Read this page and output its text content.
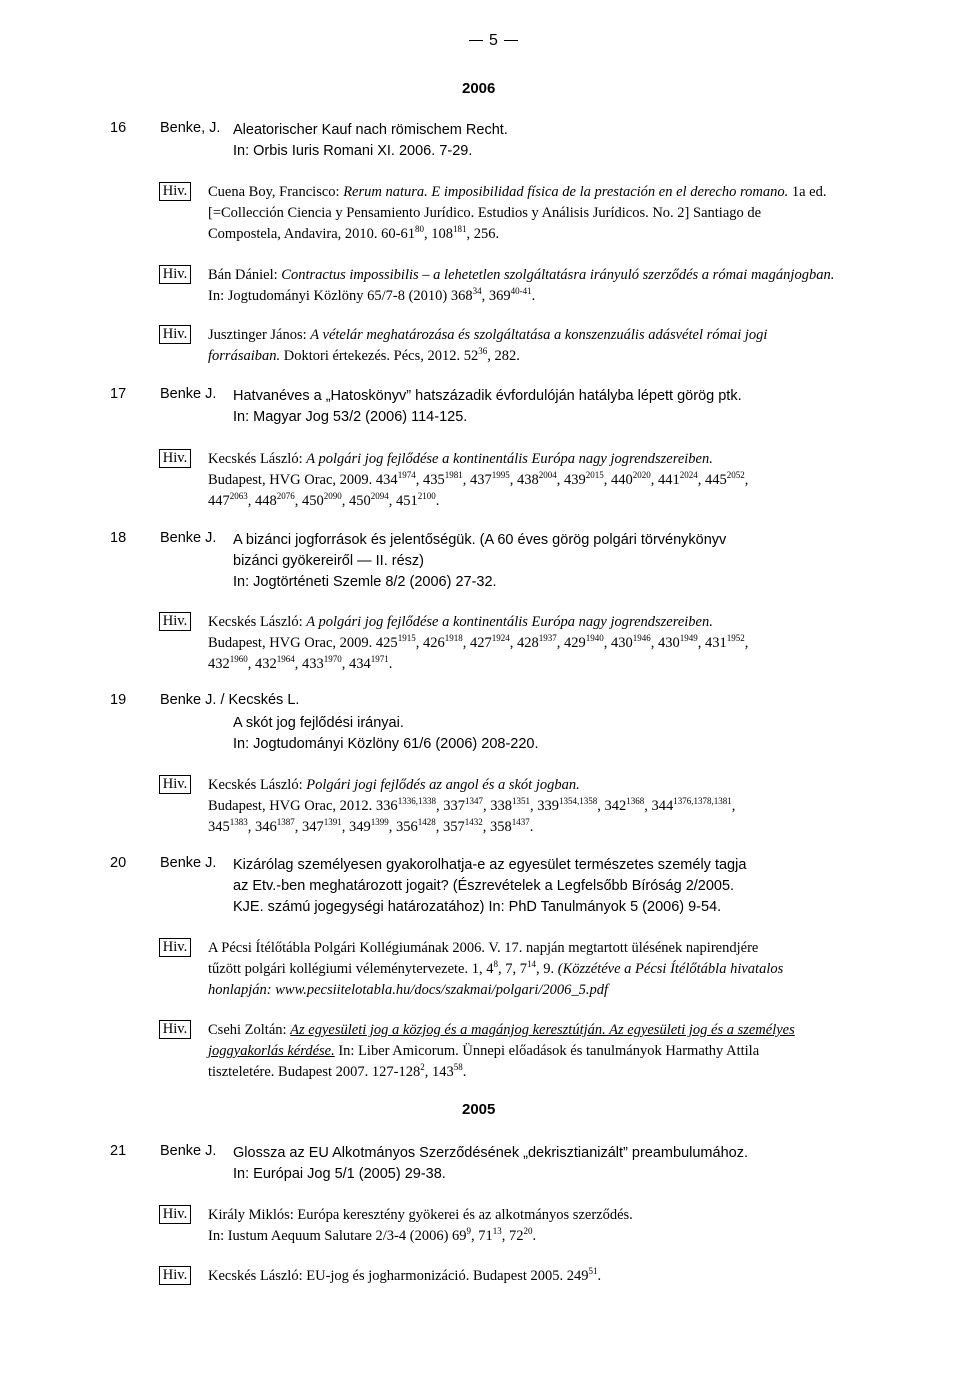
5
2006
16 Benke, J. Aleatorischer Kauf nach römischem Recht.
In: Orbis Iuris Romani XI. 2006. 7-29.
Hiv. Cuena Boy, Francisco: Rerum natura. E imposibilidad física de la prestación en el derecho romano. 1a ed.
[=Collección Ciencia y Pensamiento Jurídico. Estudios y Análisis Jurídicos. No. 2] Santiago de
Compostela, Andavira, 2010. $60-61^{80}$, $108^{181}$, 256.
Hiv. Bán Dániel: Contractus impossibilis – a lehetetlen szolgáltatásra irányuló szerződés a római magánjogban.
In: Jogtudományi Közlöny 65/7-8 (2010) $368^{34}$, 369$^{40-41}$.
Hiv. Jusztinger János: A vételár meghatározása és szolgáltatása a konszenzuális adásvétel római jogi
forrásaiban. Doktori értekezés. Pécs, 2012. $52^{36}$, 282.
17 Benke J. Hatvanéves a „Hatoskönyv” hatszázadik évfordulóján hatályba lépett görög ptk.
In: Magyar Jog 53/2 (2006) 114-125.
Hiv. Kecskés László: A polgári jog fejlődése a kontinentális Európa nagy jogrendszereiben.
Budapest, HVG Orac, 2009. $434^{1974}$, $435^{1981}$, $437^{1995}$, $438^{2004}$, $439^{2015}$, $440^{2020}$, $441^{2024}$, $445^{2052}$,
$447^{2063}$, $448^{2076}$, $450^{2090}$, $450^{2094}$, $451^{2100}$.
18 Benke J. A bizánci jogforrások és jelentőségük. (A 60 éves görög polgári törvénykönyv
bizánci gyökereiről — II. rész)
In: Jogtörténeti Szemle 8/2 (2006) 27-32.
Hiv. Kecskés László: A polgári jog fejlődése a kontinentális Európa nagy jogrendszereiben.
Budapest, HVG Orac, 2009. $425^{1915}$, $426^{1918}$, $427^{1924}$, $428^{1937}$, $429^{1940}$, $430^{1946}$, $430^{1949}$, $431^{1952}$,
$432^{1960}$, $432^{1964}$, $433^{1970}$, $434^{1971}$.
19 Benke J. / Kecskés L.
A skót jog fejlődési irányai.
In: Jogtudományi Közlöny 61/6 (2006) 208-220.
Hiv. Kecskés László: Polgári jogi fejlődés az angol és a skót jogban.
Budapest, HVG Orac, 2012. $336^{1336,1338}$, $337^{1347}$, $338^{1351}$, $339^{1354,1358}$, $342^{1368}$, $344^{1376,1378,1381}$,
$345^{1383}$, $346^{1387}$, $347^{1391}$, $349^{1399}$, $356^{1428}$, $357^{1432}$, $358^{1437}$.
20 Benke J. Kizárólag személyesen gyakorolhatja-e az egyesület természetes személy tagja
az Etv.-ben meghatározott jogait? (Észrevételek a Legfelsőbb Bíróság 2/2005.
KJE. számú jogegységi határozatához) In: PhD Tanulmányok 5 (2006) 9-54.
Hiv. A Pécsi Ítélőtábla Polgári Kollégiumának 2006. V. 17. napján megtartott ülésének napirendjére
tűzött polgári kollégiumi véleménytervezete. 1, $4^8$, 7, $7^{14}$, 9. (Közzétéve a Pécsi Ítélőtábla hivatalos
honlapján: www.pecsiitelotabla.hu/docs/szakmai/polgari/2006_5.pdf
Hiv. Csehi Zoltán: Az egyesületi jog a közjog és a magánjog keresztútján. Az egyesületi jog és a személyes
joggyakorlás kérdése. In: Liber Amicorum. Ünnepi előadások és tanulmányok Harmathy Attila
tiszteletére. Budapest 2007. $127-128^2$, $143^{58}$.
2005
21 Benke J. Glossza az EU Alkotmányos Szerződésének „dekrisztianizált” preambulumához.
In: Európai Jog 5/1 (2005) 29-38.
Hiv. Király Miklós: Európa keresztény gyökerei és az alkotmányos szerződés.
In: Iustum Aequum Salutare 2/3-4 (2006) $69^9$, $71^{13}$, $72^{20}$.
Hiv. Kecskés László: EU-jog és jogharmonizáció. Budapest 2005. $249^{51}$.
